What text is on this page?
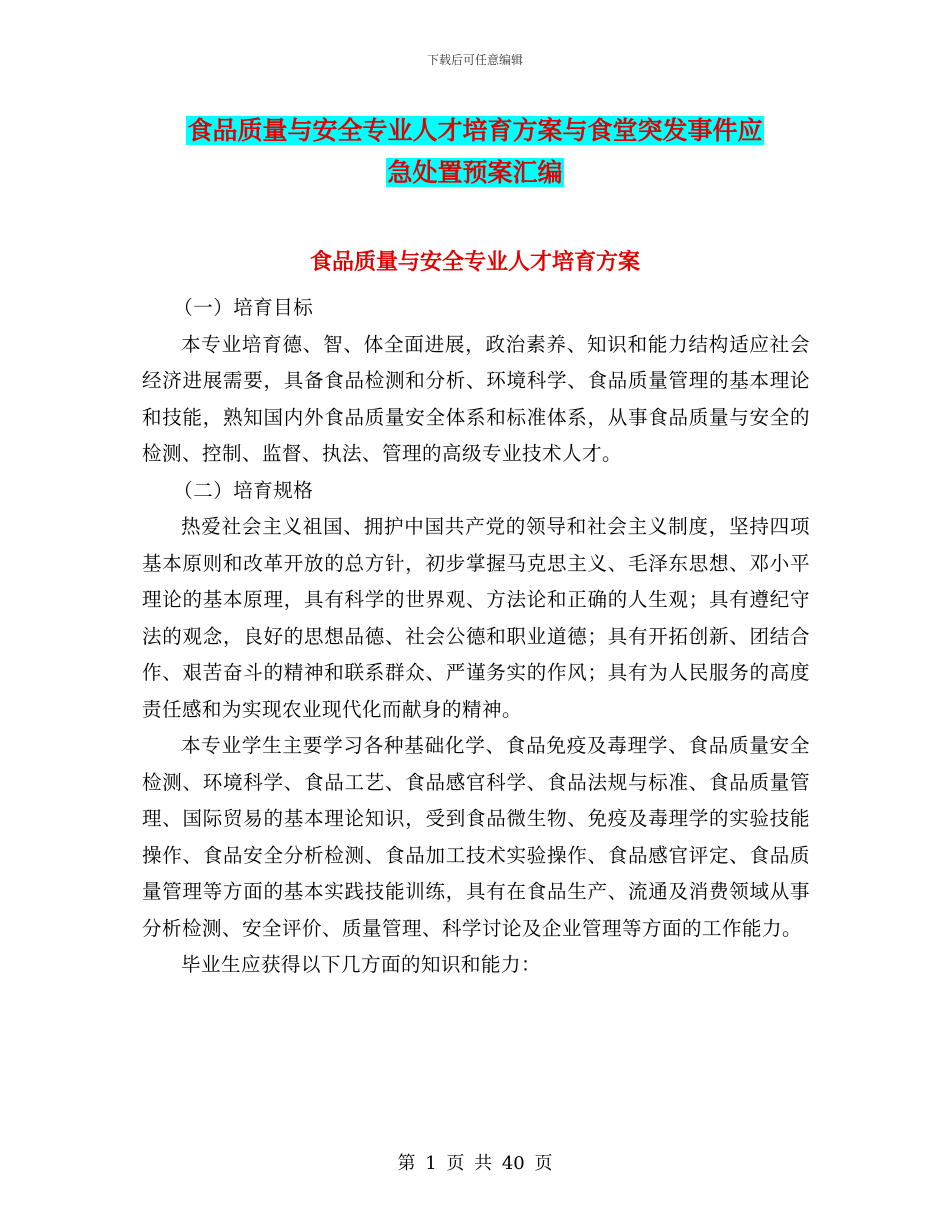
下载后可任意编辑
食品质量与安全专业人才培育方案与食堂突发事件应
急处置预案汇编
食品质量与安全专业人才培育方案

（一）培育目标

本专业培育德、智、体全面进展，政治素养、知识和能力结构适应社会经济进展需要，具备食品检测和分析、环境科学、食品质量管理的基本理论和技能，熟知国内外食品质量安全体系和标准体系，从事食品质量与安全的检测、控制、监督、执法、管理的高级专业技术人才。

（二）培育规格

热爱社会主义祖国、拥护中国共产党的领导和社会主义制度，坚持四项基本原则和改革开放的总方针，初步掌握马克思主义、毛泽东思想、邓小平理论的基本原理，具有科学的世界观、方法论和正确的人生观；具有遵纪守法的观念，良好的思想品德、社会公德和职业道德；具有开拓创新、团结合作、艰苦奋斗的精神和联系群众、严谨务实的作风；具有为人民服务的高度责任感和为实现农业现代化而献身的精神。

本专业学生主要学习各种基础化学、食品免疫及毒理学、食品质量安全检测、环境科学、食品工艺、食品感官科学、食品法规与标准、食品质量管理、国际贸易的基本理论知识，受到食品微生物、免疫及毒理学的实验技能操作、食品安全分析检测、食品加工技术实验操作、食品感官评定、食品质量管理等方面的基本实践技能训练，具有在食品生产、流通及消费领域从事分析检测、安全评价、质量管理、科学讨论及企业管理等方面的工作能力。

毕业生应获得以下几方面的知识和能力：

第 1 页 共 40 页
